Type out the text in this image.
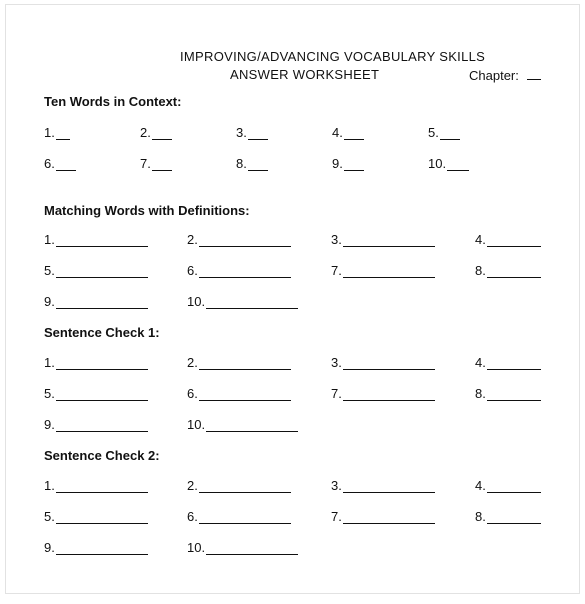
IMPROVING/ADVANCING VOCABULARY SKILLS
ANSWER WORKSHEET	Chapter:
Ten Words in Context:
1.	2.	3.	4.	5.
6.	7.	8.	9.	10.
Matching Words with Definitions:
1.	2.	3.	4.
5.	6.	7.	8.
9.	10.
Sentence Check 1:
1.	2.	3.	4.
5.	6.	7.	8.
9.	10.
Sentence Check 2:
1.	2.	3.	4.
5.	6.	7.	8.
9.	10.
